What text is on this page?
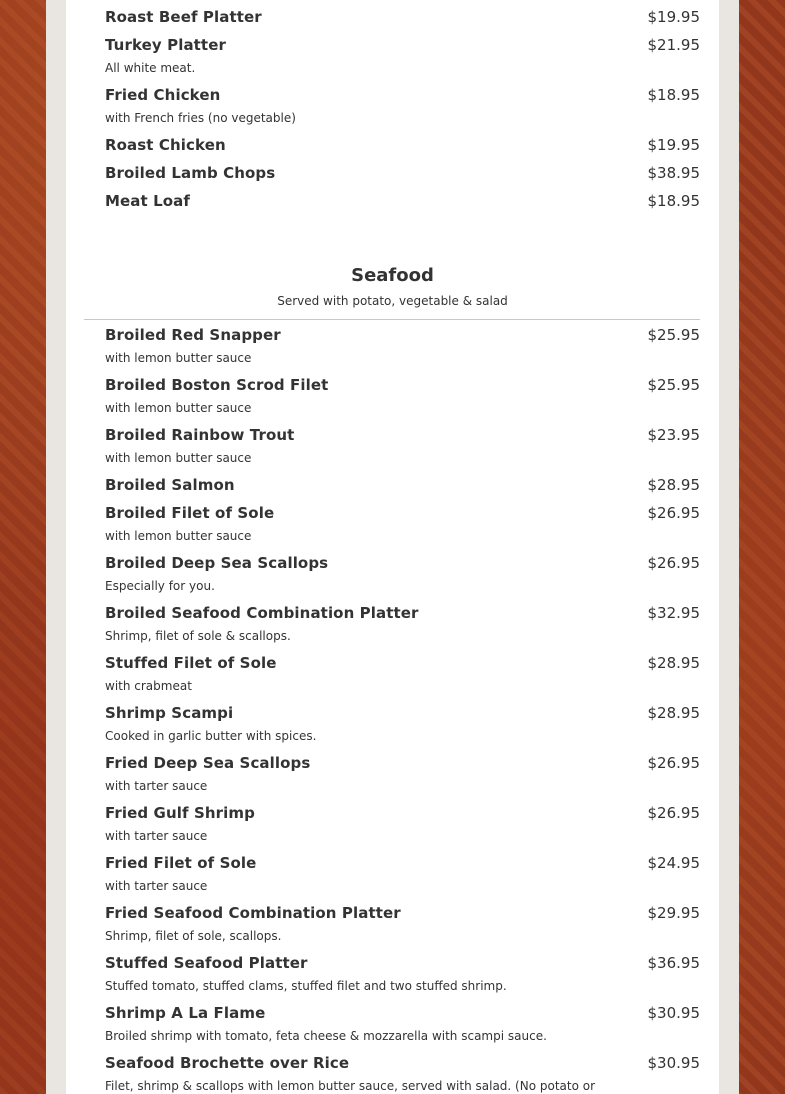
Roast Beef Platter	$19.95
Turkey Platter	$21.95
All white meat.
Fried Chicken	$18.95
with French fries (no vegetable)
Roast Chicken	$19.95
Broiled Lamb Chops	$38.95
Meat Loaf	$18.95
Seafood
Served with potato, vegetable & salad
Broiled Red Snapper	$25.95
with lemon butter sauce
Broiled Boston Scrod Filet	$25.95
with lemon butter sauce
Broiled Rainbow Trout	$23.95
with lemon butter sauce
Broiled Salmon	$28.95
Broiled Filet of Sole	$26.95
with lemon butter sauce
Broiled Deep Sea Scallops	$26.95
Especially for you.
Broiled Seafood Combination Platter	$32.95
Shrimp, filet of sole & scallops.
Stuffed Filet of Sole	$28.95
with crabmeat
Shrimp Scampi	$28.95
Cooked in garlic butter with spices.
Fried Deep Sea Scallops	$26.95
with tarter sauce
Fried Gulf Shrimp	$26.95
with tarter sauce
Fried Filet of Sole	$24.95
with tarter sauce
Fried Seafood Combination Platter	$29.95
Shrimp, filet of sole, scallops.
Stuffed Seafood Platter	$36.95
Stuffed tomato, stuffed clams, stuffed filet and two stuffed shrimp.
Shrimp A La Flame	$30.95
Broiled shrimp with tomato, feta cheese & mozzarella with scampi sauce.
Seafood Brochette over Rice	$30.95
Filet, shrimp & scallops with lemon butter sauce, served with salad. (No potato or
